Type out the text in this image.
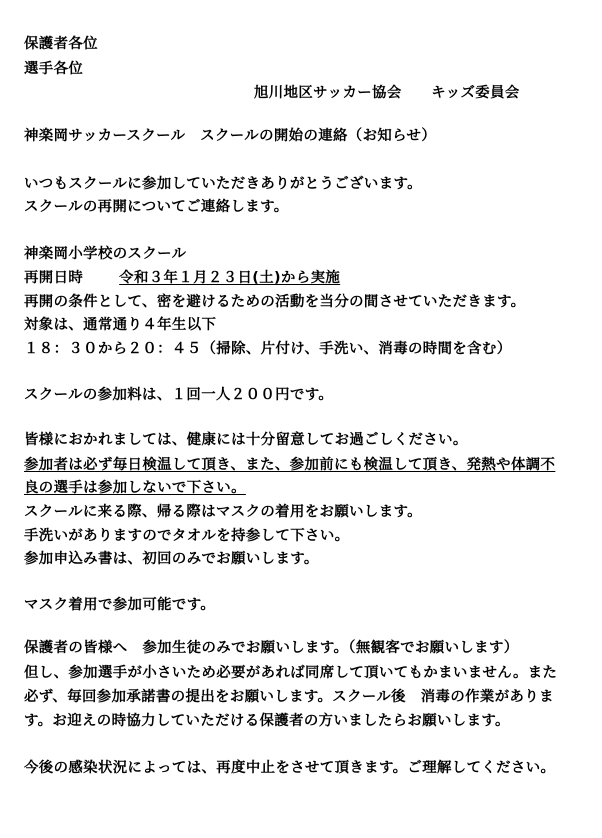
保護者各位
選手各位
旭川地区サッカー協会　　キッズ委員会
神楽岡サッカースクール　スクールの開始の連絡（お知らせ）
いつもスクールに参加していただきありがとうございます。
スクールの再開についてご連絡します。
神楽岡小学校のスクール
再開日時	令和３年１月２３日(土)から実施
再開の条件として、密を避けるための活動を当分の間させていただきます。
対象は、通常通り４年生以下
１８：３０から２０：４５（掃除、片付け、手洗い、消毒の時間を含む）
スクールの参加料は、１回一人２００円です。
皆様におかれましては、健康には十分留意してお過ごしください。
参加者は必ず毎日検温して頂き、また、参加前にも検温して頂き、発熱や体調不
良の選手は参加しないで下さい。
スクールに来る際、帰る際はマスクの着用をお願いします。
手洗いがありますのでタオルを持参して下さい。
参加申込み書は、初回のみでお願いします。
マスク着用で参加可能です。
保護者の皆様へ　参加生徒のみでお願いします。（無観客でお願いします）
但し、参加選手が小さいため必要があれば同席して頂いてもかまいません。また
必ず、毎回参加承諾書の提出をお願いします。スクール後　消毒の作業がありま
す。お迎えの時協力していただける保護者の方いましたらお願いします。
今後の感染状況によっては、再度中止をさせて頂きます。ご理解してください。
